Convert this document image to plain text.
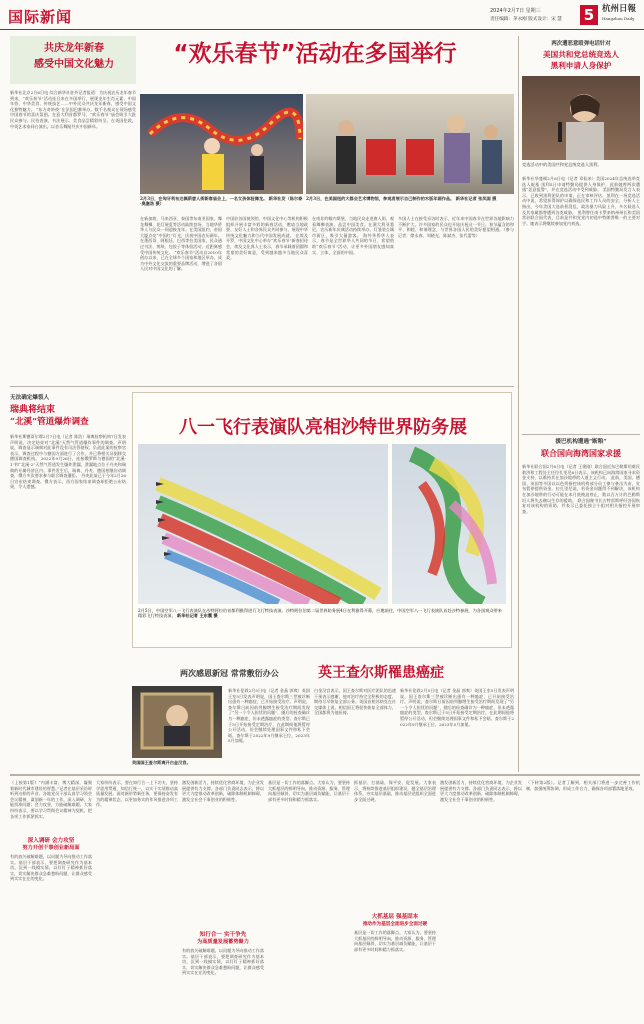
国际新闻	2024年2月7日 星期三
责任编辑：茅永刚 版式设计：宋 慧 5 杭州日報
Hangzhou Daily
共庆龙年新春
感受中国文化魅力	“欢乐春节”活动在多国举行
新华社北京2月6日电 综合新华社驻外记者报道：为庆祝农历龙年春节到来，“欢乐春节”活动连日来在多国举行，展现龙年生肖元素、中国年俗、中华美食、传统技艺……中外民众共庆龙年新春，感受中国文化独特魅力。 “东方奇妙夜”在法国巴黎举办，数千名观众在现场感受中国春节的喜庆氛围。在意大利首都罗马，“欢乐春节”庙会吸引大批民众参与，民俗表演、书法展示、美食品尝精彩纷呈。在英国伦敦，中英艺术家同台演出，以音乐舞蹈共庆中国新年。
2月3日，在匈牙利布达佩斯唐人街新春庙会上，一名女孩体验舞龙。 新华社发（陈尔泰·奥塞洛 摄）
2月3日，在美国纽约大都会艺术博物馆，参观者展示自己制作的木版年画作品。 新华社记者 张凤国 摄
在新加坡、马来西亚、泰国等东南亚国家，舞龙舞狮、花灯展览等活动陆续登场，当地华侨华人与民众一同迎接龙年。在美国纽约，帝国大厦点亮“中国红”灯光，庆祝中国农历新年。在墨西哥、阿根廷、巴西等拉美国家，民众通过书法、剪纸、包饺子等体验活动，近距离感受中国传统文化。 “欢乐春节”活动自2010年创办以来，已在全球多个国家和地区举办，成为中外文化交流的重要品牌活动，增进了各国人民对中国文化的了解。
中国驻各国使领馆、中国文化中心等机构积极组织开展丰富多彩的新春活动，邀请当地政要、友好人士和各界民众共同参与，展现中华传统文化魅力和当代中国发展成就。 在埃及开罗，中国文化中心举办“欢乐春节”新春招待会，埃及文化界人士表示，春节承载着团圆和希望的美好寓意，受到越来越多当地民众喜爱。
在南非约翰内斯堡，当地民众走进唐人街，观看舞狮表演、品尝中国美食。在澳大利亚悉尼，农历新年庆典活动持续举办，灯笼装点城市街区，吸引大量游客。 海外华侨华人表示，春节是全世界华人共同的节日，希望借助“欢乐春节”活动，让更多外国朋友感知真实、立体、全面的中国。
多国人士在接受采访时表示，近年来中国春节在世界各地影响力不断扩大，许多国家的民众也开始庆祝这一节日。春节蕴含的和平、和睦、和谐理念，与世界各国人民的美好愿望相通。（参与记者：徐永春、刘晓光、陈斌杰、张代蕾等）
无法确定爆裂人
瑞典将结束
“北溪”管道爆炸调查
新华社斯德哥尔摩2月7日电（记者 陈浩）瑞典检察机构7日发表声明说，决定结束对“北溪”天然气管道爆炸事件的调查。声明说，调查显示瑞典对此事件没有司法管辖权。负责此案的检察官表示，调查过程中与德国方面进行了合作，并已将相关证据移交德国调查机构。 2022年9月26日，连接俄罗斯与德国的“北溪-1”和“北溪-2”天然气管道发生爆炸泄漏，泄漏地点位于丹麦和瑞典的专属经济区内。事件发生后，瑞典、丹麦、德国相继启动调查，俄方多次要求参与联合调查遭拒。 丹麦此前已于今年2月26日宣布结束调查。俄方表示，西方国家结束调查却拒绝公布结果，令人遗憾。
八一飞行表演队亮相沙特世界防务展
2月5日，中国空军八一飞行表演队在沙特阿拉伯首都利雅得进行飞行特技表演。沙特阿拉伯第二届世界防务展4日在利雅得开幕，应邀前往，中国空军八一飞行表演队首赴沙特参展，为各国观众带来精彩飞行特技表演。 新华社记者 王东震 摄
两次感恩新冠 常常敷衍办公	英王查尔斯罹患癌症
英国国王查尔斯离开白金汉宫。
新华社伦敦2月5日电（记者 金晶 郭爽）英国王室5日发表声明说，国王查尔斯三世被诊断出患有一种癌症，已开始接受治疗。声明说，查尔斯日前因前列腺增生接受治疗期间发现了“另一个令人担忧的问题”，随后的检查确诊为一种癌症，但未透露癌症的类型。查尔斯已于5日开始接受定期治疗，在此期间他将暂停公开活动，但会继续处理国事文件和私下会晤。查尔斯于2022年9月继承王位，2023年5月加冕。
白金汉宫表示，国王查尔斯对医疗团队的迅速干预表示感谢，他对治疗持完全积极的态度，期待尽早恢复全部公务。英国首相苏纳克在社交媒体上说，相信国王将很快恢复全部体力，全国都将为他祈祷。
新华社伦敦2月5日电（记者 金晶 郭爽）英国王室5日发表声明说，国王查尔斯三世被诊断出患有一种癌症，已开始接受治疗。声明说，查尔斯日前因前列腺增生接受治疗期间发现了“另一个令人担忧的问题”，随后的检查确诊为一种癌症，但未透露癌症的类型。查尔斯已于5日开始接受定期治疗，在此期间他将暂停公开活动，但会继续处理国事文件和私下会晤。查尔斯于2022年9月继承王位，2023年5月加冕。
两次遭恶意殴弹电话针对
美国共和党总统竞选人
黑利申请人身保护
竞选活动中的美国共和党总统竞选人黑利。
新华社华盛顿2月6日电（记者 邓仙来）美国2024年总统选举竞选人妮基·黑利5日申请特勤局提供人身保护，此前她曾两次遭遇“恶意报警”，并在竞选活动中受到威胁。 美国特勤局发言人表示，已收到黑利团队的申请，正在审核评估。黑利在一场竞选活动中说，希望获得保护以确保选民和工作人员的安全。分析人士指出，今年美国大选前景混乱，政治暴力风险上升，多名候选人及其家属都曾遭到各类威胁。 黑利曾任南卡罗来纳州州长和美国常驻联合国代表，目前是共和党党内初选中特朗普唯一的主要对手。她表示将继续参加党内初选。
援巴机构遭遇“断粮”
联合国向海湾国家求援
新华社联合国2月6日电（记者 王建刚）联合国近东巴勒斯坦难民救济和工程处主任拉扎里尼6日表示，该机构已向海湾国家寻求资金支持，以维持其在加沙地带的人道主义行动。 此前，美国、德国、英国等多国以以色列指控该机构部分员工参与袭击为由，宣布暂停提供资金。拉扎里尼说，若资金问题得不到解决，该机构在加沙地带的行动可能在本月底被迫停止，数以百万计的巴勒斯坦人将失去赖以生存的援助。 联合国秘书长古特雷斯呼吁各国恢复对该机构的资助，并表示已委托独立小组对相关指控开展审查。
（上接第1版）“内涵丰富、博大精深，凝聚着新时代城市建设的智慧。”记者在基层采访时听到这样的声音。各地党员干部认真学习领会会议精神，谋划新一年的工作。深入调研，方能找准问题；会力攻坚，方能破解难题。大家纷纷表示，要以学习贯彻会议精神为契机，把各项工作抓紧抓实。
深入调研 会力攻坚
努力开创干事创业新局面
有的放矢破解难题，以问题为导向推动工作落实。基层干部表示，要把调查研究作为基本功，沉到一线摸实情，以钉钉子精神抓好落实，切实解决群众急难愁盼问题，让群众感受到实实在在的变化。
大家纷纷表示，要在知行合一上下功夫，坚持学思用贯通、知信行统一，以实干实绩推动高质量发展。面对新形势新任务，要保持奋发有为的精神状态，以更加务实的作风推进各项工作。
激发创新活力，持续优化营商环境，为企业发展提供有力支撑。各部门负责同志表示，将以更大力度推动改革创新，破除体制机制障碍，激发全社会干事创业的积极性。
知行合一 实干争先
为高质量发展蓄势聚力
有的放矢破解难题，以问题为导向推动工作落实。基层干部表示，要把调查研究作为基本功，沉到一线摸实情，以钉钉子精神抓好落实，切实解决群众急难愁盼问题，让群众感受到实实在在的变化。
基层是一切工作的落脚点。大家认为，要坚持大抓基层的鲜明导向，推动资源、服务、管理向基层倾斜，切实为基层减负赋能，让基层干部有更多时间和精力抓落实。
抓基层、打基础，保平安、促发展。大家表示，将持续推进基层组织建设，健全基层治理体系，夯实基层基础，推动基层党组织全面进步全面过硬。
大抓基层 强基固本
推动作为基层全面进步全面过硬
基层是一切工作的落脚点。大家认为，要坚持大抓基层的鲜明导向，推动资源、服务、管理向基层倾斜，切实为基层减负赋能，让基层干部有更多时间和精力抓落实。
激发创新活力，持续优化营商环境，为企业发展提供有力支撑。各部门负责同志表示，将以更大力度推动改革创新，破除体制机制障碍，激发全社会干事创业的积极性。
（下转第2版）。记者了解到，相关部门将进一步完善工作机制，加强统筹协调，形成工作合力，确保各项部署落地见效。
